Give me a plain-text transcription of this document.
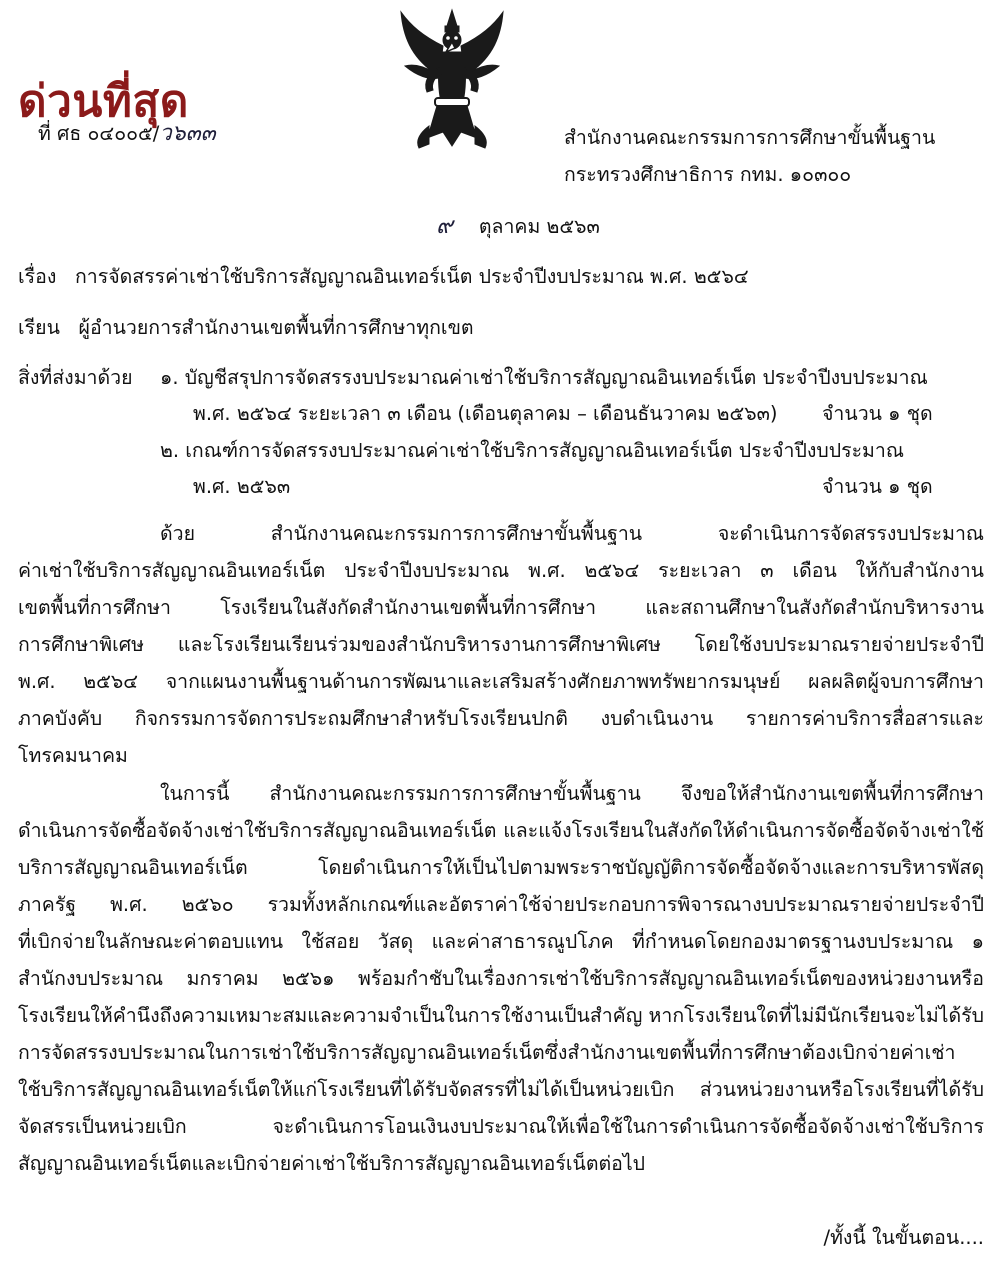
ด่วนที่สุด
ที่ ศธ ๐๔๐๐๕/ว๖๓๓	สำนักงานคณะกรรมการการศึกษาขั้นพื้นฐาน
กระทรวงศึกษาธิการ กทม. ๑๐๓๐๐
๙ ตุลาคม ๒๕๖๓
เรื่อง การจัดสรรค่าเช่าใช้บริการสัญญาณอินเทอร์เน็ต ประจำปีงบประมาณ พ.ศ. ๒๕๖๔
เรียน ผู้อำนวยการสำนักงานเขตพื้นที่การศึกษาทุกเขต
สิ่งที่ส่งมาด้วย ๑. บัญชีสรุปการจัดสรรงบประมาณค่าเช่าใช้บริการสัญญาณอินเทอร์เน็ต ประจำปีงบประมาณ
พ.ศ. ๒๕๖๔ ระยะเวลา ๓ เดือน (เดือนตุลาคม – เดือนธันวาคม ๒๕๖๓) จำนวน ๑ ชุด
๒. เกณฑ์การจัดสรรงบประมาณค่าเช่าใช้บริการสัญญาณอินเทอร์เน็ต ประจำปีงบประมาณ
พ.ศ. ๒๕๖๓	จำนวน ๑ ชุด
ด้วย สำนักงานคณะกรรมการการศึกษาขั้นพื้นฐาน จะดำเนินการจัดสรรงบประมาณ
ค่าเช่าใช้บริการสัญญาณอินเทอร์เน็ต ประจำปีงบประมาณ พ.ศ. ๒๕๖๔ ระยะเวลา ๓ เดือน ให้กับสำนักงาน
เขตพื้นที่การศึกษา โรงเรียนในสังกัดสำนักงานเขตพื้นที่การศึกษา และสถานศึกษาในสังกัดสำนักบริหารงาน
การศึกษาพิเศษ และโรงเรียนเรียนร่วมของสำนักบริหารงานการศึกษาพิเศษ โดยใช้งบประมาณรายจ่ายประจำปี
พ.ศ. ๒๕๖๔ จากแผนงานพื้นฐานด้านการพัฒนาและเสริมสร้างศักยภาพทรัพยากรมนุษย์ ผลผลิตผู้จบการศึกษา
ภาคบังคับ กิจกรรมการจัดการประถมศึกษาสำหรับโรงเรียนปกติ งบดำเนินงาน รายการค่าบริการสื่อสารและ
โทรคมนาคม
ในการนี้ สำนักงานคณะกรรมการการศึกษาขั้นพื้นฐาน จึงขอให้สำนักงานเขตพื้นที่การศึกษา
ดำเนินการจัดซื้อจัดจ้างเช่าใช้บริการสัญญาณอินเทอร์เน็ต และแจ้งโรงเรียนในสังกัดให้ดำเนินการจัดซื้อจัดจ้างเช่าใช้
บริการสัญญาณอินเทอร์เน็ต โดยดำเนินการให้เป็นไปตามพระราชบัญญัติการจัดซื้อจัดจ้างและการบริหารพัสดุ
ภาครัฐ พ.ศ. ๒๕๖๐ รวมทั้งหลักเกณฑ์และอัตราค่าใช้จ่ายประกอบการพิจารณางบประมาณรายจ่ายประจำปี
ที่เบิกจ่ายในลักษณะค่าตอบแทน ใช้สอย วัสดุ และค่าสาธารณูปโภค ที่กำหนดโดยกองมาตรฐานงบประมาณ ๑
สำนักงบประมาณ มกราคม ๒๕๖๑ พร้อมกำชับในเรื่องการเช่าใช้บริการสัญญาณอินเทอร์เน็ตของหน่วยงานหรือ
โรงเรียนให้คำนึงถึงความเหมาะสมและความจำเป็นในการใช้งานเป็นสำคัญ หากโรงเรียนใดที่ไม่มีนักเรียนจะไม่ได้รับ
การจัดสรรงบประมาณในการเช่าใช้บริการสัญญาณอินเทอร์เน็ตซึ่งสำนักงานเขตพื้นที่การศึกษาต้องเบิกจ่ายค่าเช่า
ใช้บริการสัญญาณอินเทอร์เน็ตให้แก่โรงเรียนที่ได้รับจัดสรรที่ไม่ได้เป็นหน่วยเบิก ส่วนหน่วยงานหรือโรงเรียนที่ได้รับ
จัดสรรเป็นหน่วยเบิก จะดำเนินการโอนเงินงบประมาณให้เพื่อใช้ในการดำเนินการจัดซื้อจัดจ้างเช่าใช้บริการ
สัญญาณอินเทอร์เน็ตและเบิกจ่ายค่าเช่าใช้บริการสัญญาณอินเทอร์เน็ตต่อไป
/ทั้งนี้ ในขั้นตอน....
